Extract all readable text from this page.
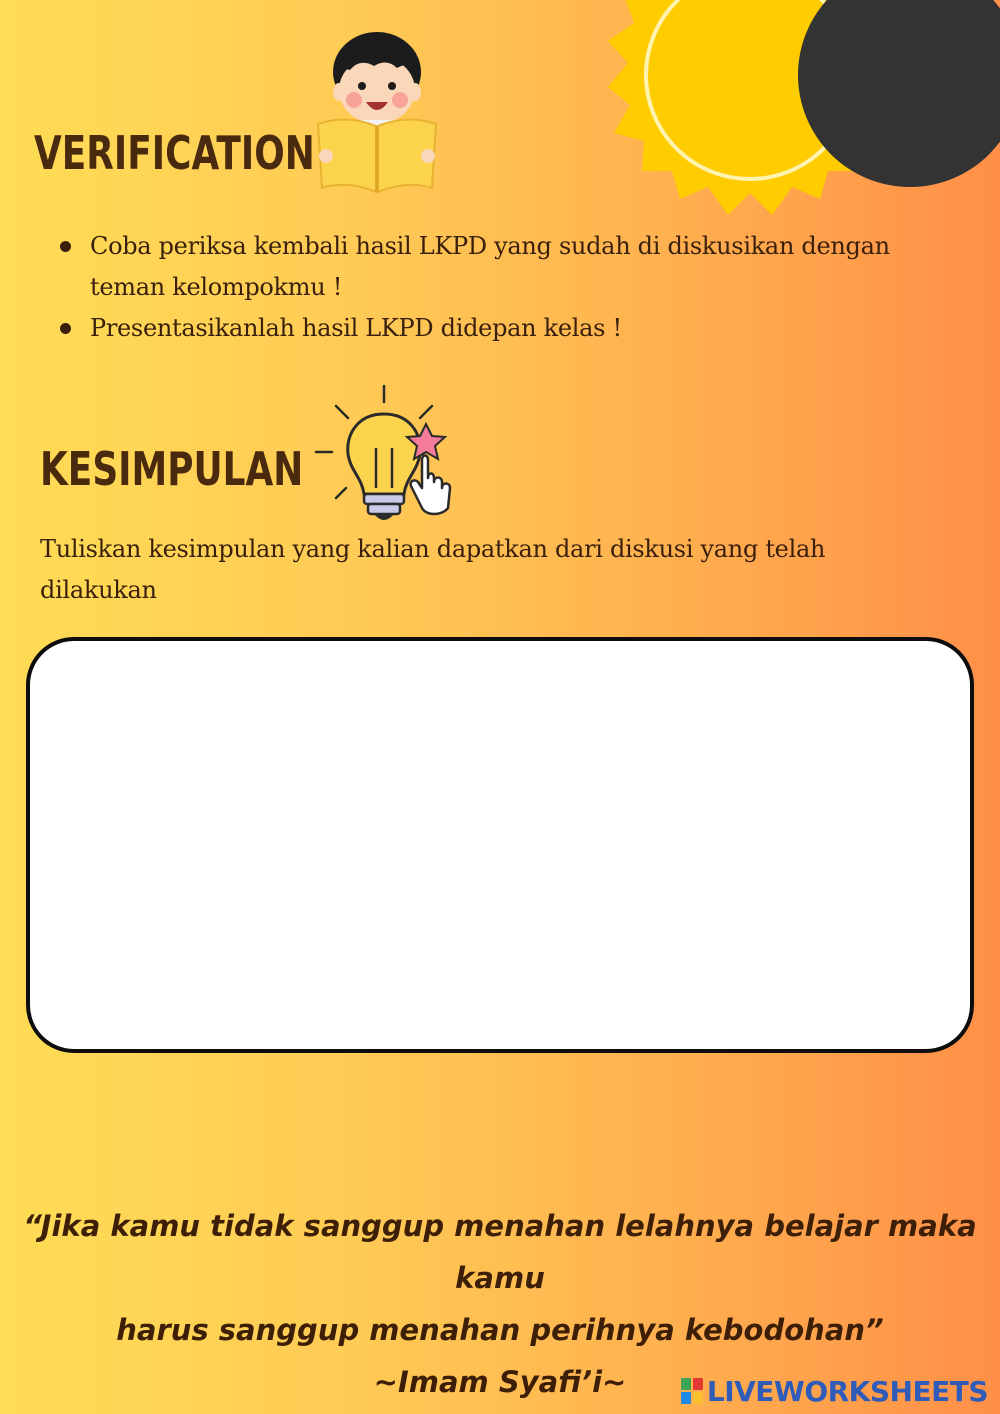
VERIFICATION
Coba periksa kembali hasil LKPD yang sudah di diskusikan dengan teman kelompokmu !
Presentasikanlah hasil LKPD didepan kelas !
KESIMPULAN
Tuliskan kesimpulan yang kalian dapatkan dari diskusi yang telah dilakukan
“Jika kamu tidak sanggup menahan lelahnya belajar maka kamu
harus sanggup menahan perihnya kebodohan”
~Imam Syafi’i~	LIVEWORKSHEETS
